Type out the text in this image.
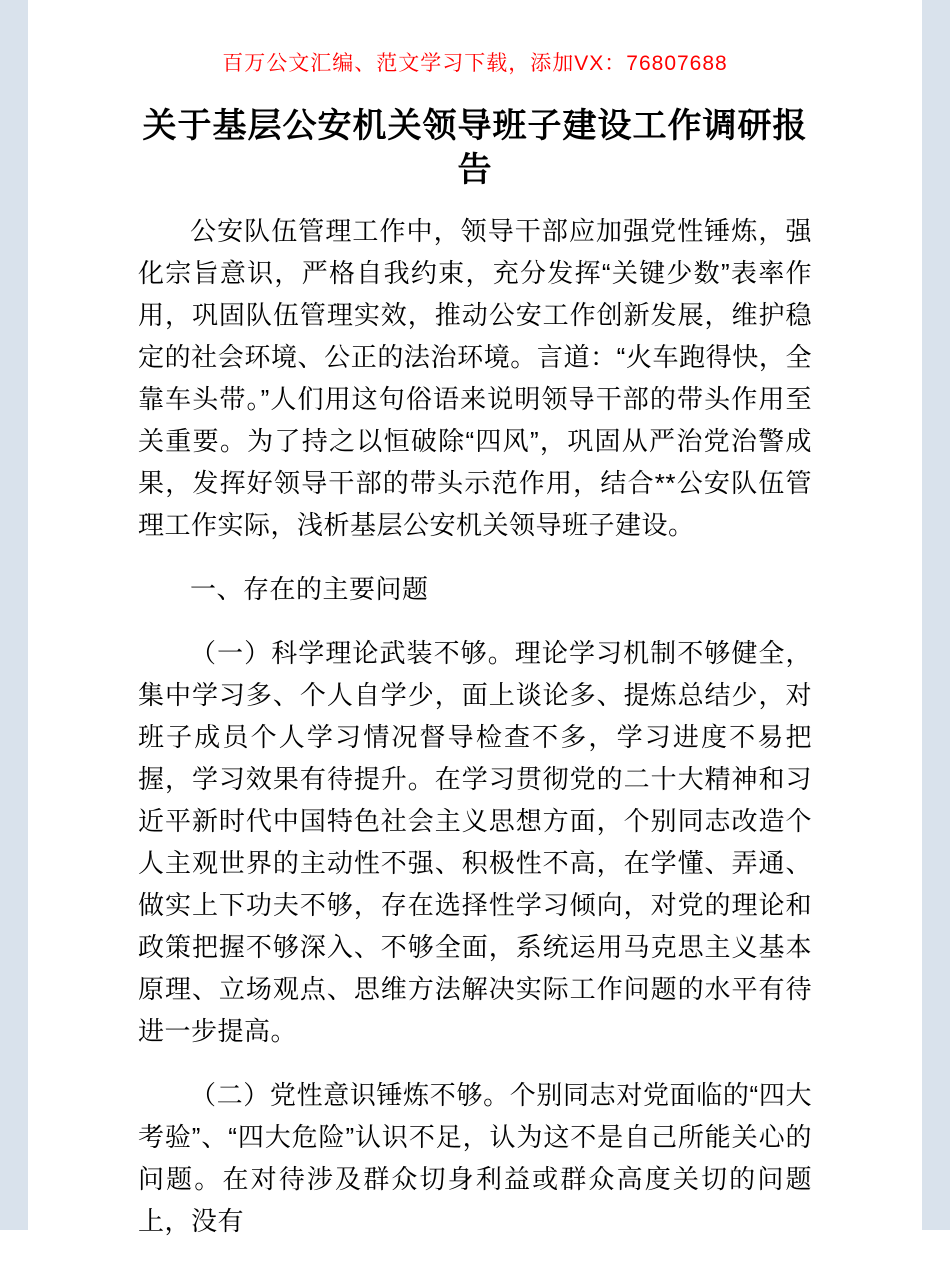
百万公文汇编、范文学习下载，添加VX：76807688
关于基层公安机关领导班子建设工作调研报告

公安队伍管理工作中，领导干部应加强党性锤炼，强化宗旨意识，严格自我约束，充分发挥“关键少数”表率作用，巩固队伍管理实效，推动公安工作创新发展，维护稳定的社会环境、公正的法治环境。言道：“火车跑得快，全靠车头带。”人们用这句俗语来说明领导干部的带头作用至关重要。为了持之以恒破除“四风”，巩固从严治党治警成果，发挥好领导干部的带头示范作用，结合**公安队伍管理工作实际，浅析基层公安机关领导班子建设。

一、存在的主要问题

（一）科学理论武装不够。理论学习机制不够健全，集中学习多、个人自学少，面上谈论多、提炼总结少，对班子成员个人学习情况督导检查不多，学习进度不易把握，学习效果有待提升。在学习贯彻党的二十大精神和习近平新时代中国特色社会主义思想方面，个别同志改造个人主观世界的主动性不强、积极性不高，在学懂、弄通、做实上下功夫不够，存在选择性学习倾向，对党的理论和政策把握不够深入、不够全面，系统运用马克思主义基本原理、立场观点、思维方法解决实际工作问题的水平有待进一步提高。

（二）党性意识锤炼不够。个别同志对党面临的“四大考验”、“四大危险”认识不足，认为这不是自己所能关心的问题。在对待涉及群众切身利益或群众高度关切的问题上，没有
